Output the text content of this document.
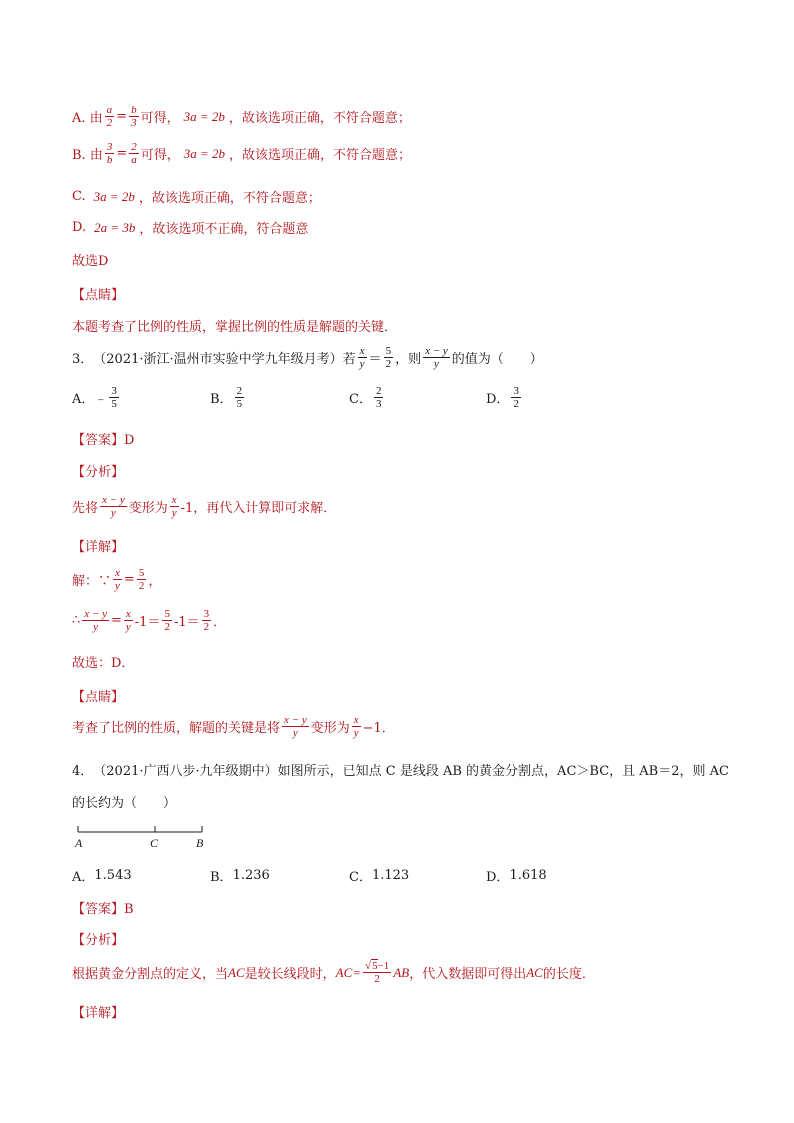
A. 由 $\frac{a}{2} = \frac{b}{3}$ 可得， 3a = 2b ，故该选项正确，不符合题意；
B. 由 $\frac{3}{b} = \frac{2}{a}$ 可得， 3a = 2b ，故该选项正确，不符合题意；
C. 3a = 2b ，故该选项正确，不符合题意；
D. 2a = 3b ，故该选项不正确，符合题意
故选D
【点睛】
本题考查了比例的性质，掌握比例的性质是解题的关键．
3． （2021·浙江·温州市实验中学九年级月考） 若 $\frac{x}{y} = \frac{5}{2}$ ，则 $\frac{x - y}{y}$ 的值为（　　）
A． ﹣ $\frac{3}{5}$	B． $\frac{2}{5}$	C． $\frac{2}{3}$	D． $\frac{3}{2}$
【答案】D
【分析】
先将 $\frac{x - y}{y}$ 变形为 $\frac{x}{y} -1$，再代入计算即可求解．
【详解】
解：∵ $\frac{x}{y} = \frac{5}{2}$ ，
∴ $\frac{x - y}{y} = \frac{x}{y} -1= \frac{5}{2} -1= \frac{3}{2}$ ．
故选：D．
【点睛】
考查了比例的性质，解题的关键是将 $\frac{x - y}{y}$ 变形为 $\frac{x}{y} -1$．
4． （2021·广西八步·九年级期中） 如图所示，已知点 C 是线段 AB 的黄金分割点，AC＞BC，且 AB＝2，则 AC
的长约为（　　）
A	C	B
A． 1.543	B． 1.236	C． 1.123	D． 1.618
【答案】B
【分析】
根据黄金分割点的定义，当 AC 是较长线段时， $AC= \frac{√5-1}{2}$ AB ，代入数据即可得出 AC 的长度．
【详解】
